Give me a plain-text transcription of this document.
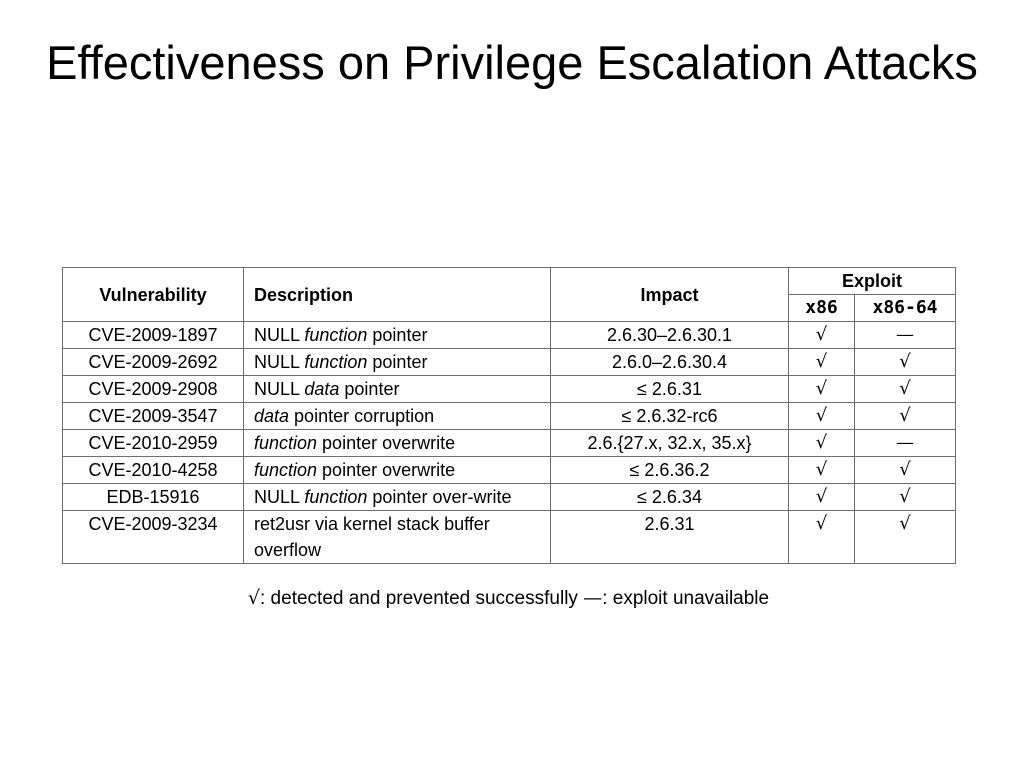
Effectiveness on Privilege Escalation Attacks
Vulnerability	Description	Impact	Exploit	
			x86	x86-64
CVE-2009-1897	NULL function pointer	2.6.30–2.6.30.1	√	—
CVE-2009-2692	NULL function pointer	2.6.0–2.6.30.4	√	√
CVE-2009-2908	NULL data pointer	≤ 2.6.31	√	√
CVE-2009-3547	data pointer corruption	≤ 2.6.32-rc6	√	√
CVE-2010-2959	function pointer overwrite	2.6.{27.x, 32.x, 35.x}	√	—
CVE-2010-4258	function pointer overwrite	≤ 2.6.36.2	√	√
EDB-15916	NULL function pointer over-write	≤ 2.6.34	√	√
CVE-2009-3234	ret2usr via kernel stack buffer overflow	2.6.31	√	√
√: detected and prevented successfully —: exploit unavailable
